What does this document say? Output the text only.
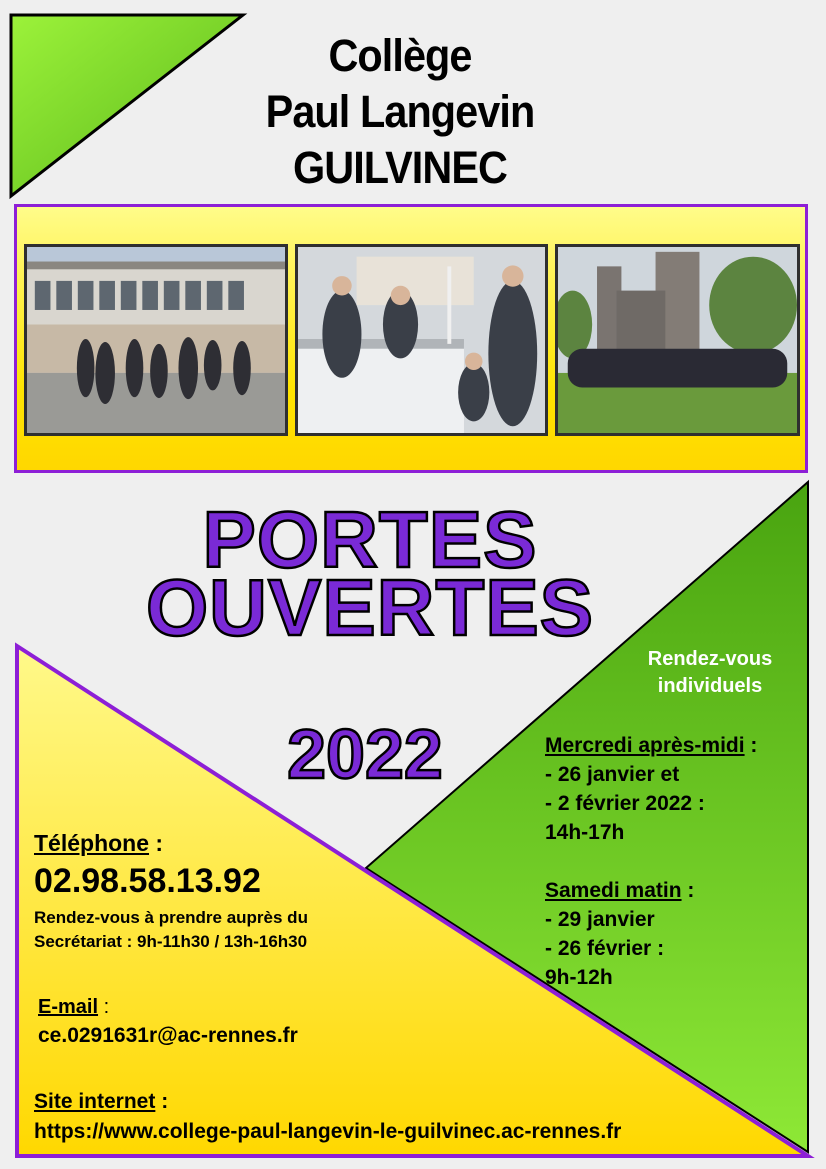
Collège
Paul Langevin
GUILVINEC
PORTES
OUVERTES
2022
Rendez-vous
individuels
Mercredi après-midi :
- 26 janvier et
- 2 février 2022 :
14h-17h
Samedi matin :
- 29 janvier
- 26 février :
9h-12h
Téléphone :
02.98.58.13.92
Rendez-vous à prendre auprès du
Secrétariat : 9h-11h30 / 13h-16h30
E-mail :
ce.0291631r@ac-rennes.fr
Site internet :
https://www.college-paul-langevin-le-guilvinec.ac-rennes.fr
